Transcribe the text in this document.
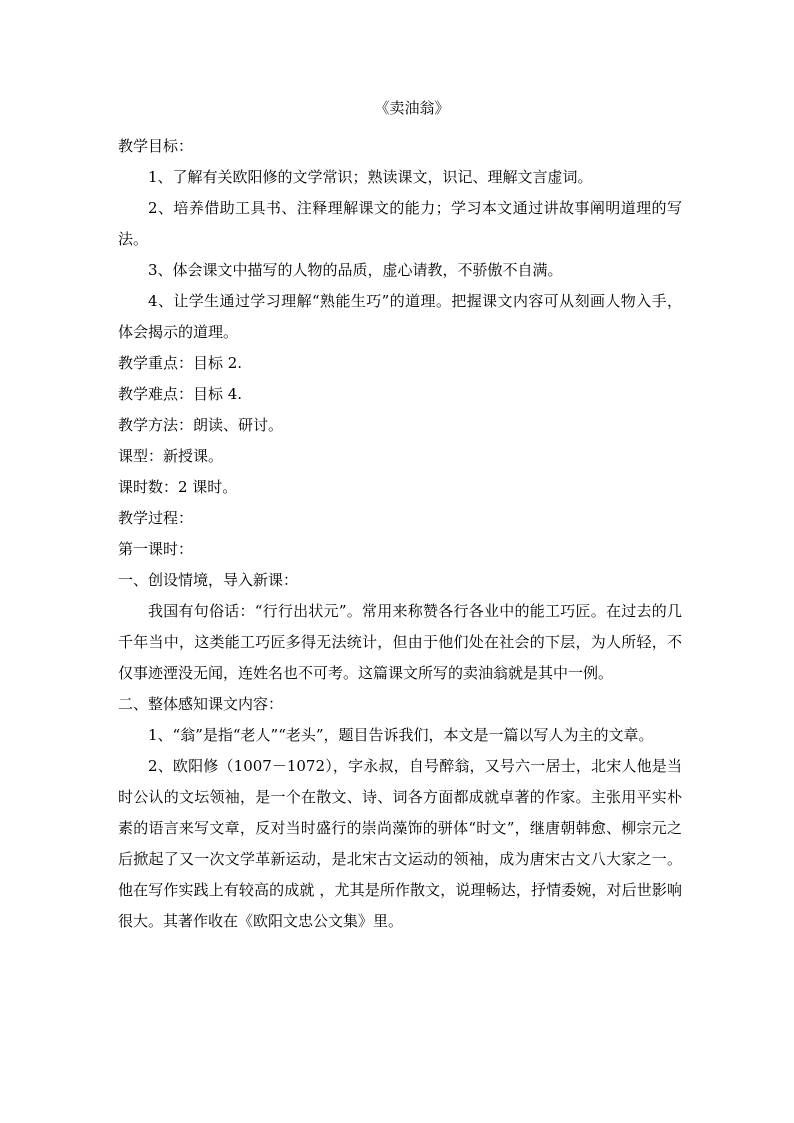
《卖油翁》

教学目标：

1、了解有关欧阳修的文学常识；熟读课文，识记、理解文言虚词。

2、培养借助工具书、注释理解课文的能力；学习本文通过讲故事阐明道理的写法。

3、体会课文中描写的人物的品质，虚心请教，不骄傲不自满。

4、让学生通过学习理解“熟能生巧”的道理。把握课文内容可从刻画人物入手，体会揭示的道理。

教学重点：目标 2.

教学难点：目标 4.

教学方法：朗读、研讨。

课型：新授课。

课时数：2 课时。

教学过程：

第一课时：

一、创设情境，导入新课：

我国有句俗话：“行行出状元”。常用来称赞各行各业中的能工巧匠。在过去的几千年当中，这类能工巧匠多得无法统计，但由于他们处在社会的下层，为人所轻，不仅事迹湮没无闻，连姓名也不可考。这篇课文所写的卖油翁就是其中一例。

二、整体感知课文内容：

1、“翁”是指“老人”“老头”，题目告诉我们，本文是一篇以写人为主的文章。

2、欧阳修（1007－1072），字永叔，自号醉翁，又号六一居士，北宋人他是当时公认的文坛领袖，是一个在散文、诗、词各方面都成就卓著的作家。主张用平实朴素的语言来写文章，反对当时盛行的崇尚藻饰的骈体“时文”，继唐朝韩愈、柳宗元之后掀起了又一次文学革新运动，是北宋古文运动的领袖，成为唐宋古文八大家之一。他在写作实践上有较高的成就 ，尤其是所作散文，说理畅达，抒情委婉，对后世影响很大。其著作收在《欧阳文忠公文集》里。
